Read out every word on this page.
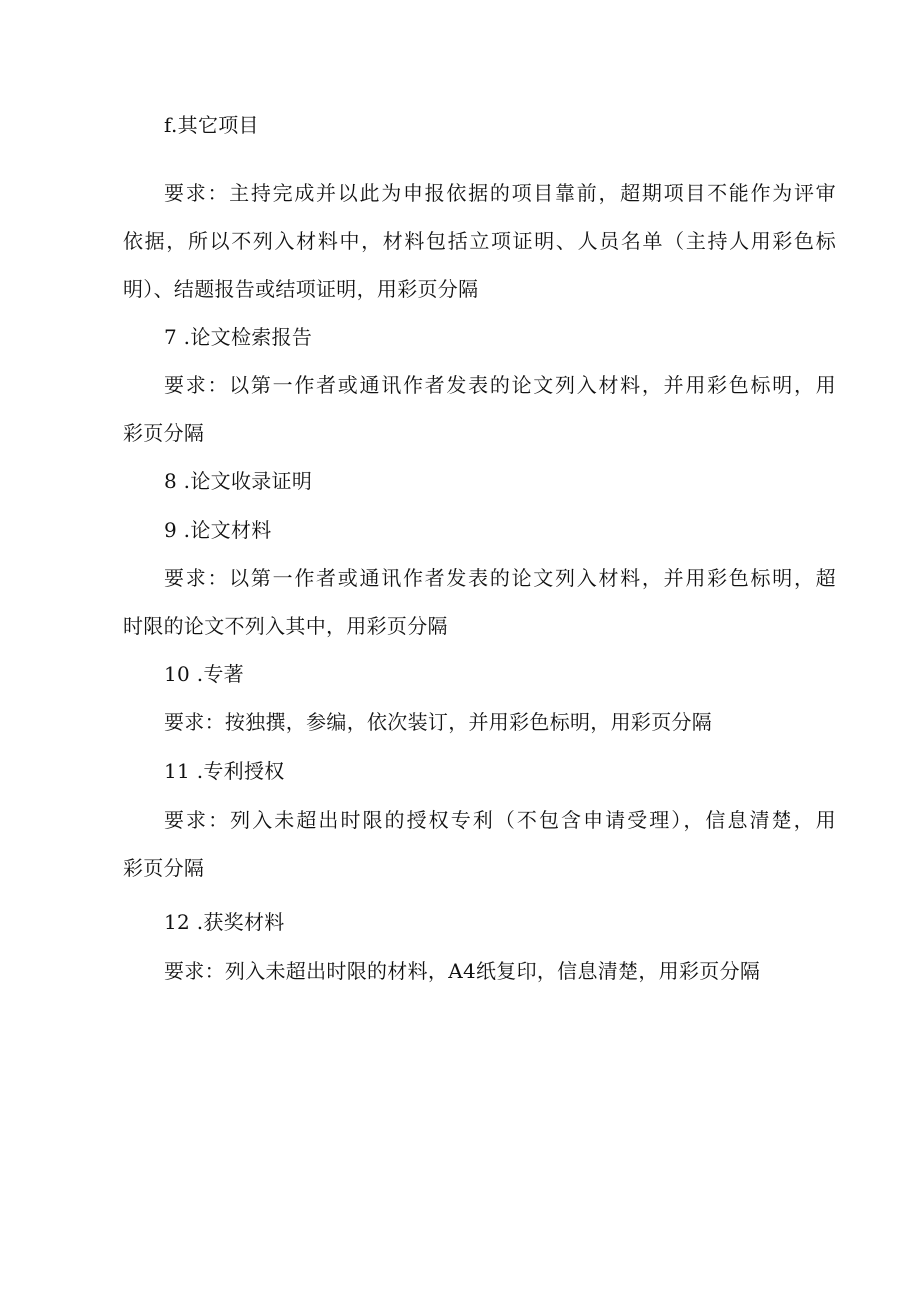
f.其它项目
要求：主持完成并以此为申报依据的项目靠前，超期项目不能作为评审
依据，所以不列入材料中，材料包括立项证明、人员名单（主持人用彩色标
明）、结题报告或结项证明，用彩页分隔
7 .论文检索报告
要求：以第一作者或通讯作者发表的论文列入材料，并用彩色标明，用
彩页分隔
8 .论文收录证明
9 .论文材料
要求：以第一作者或通讯作者发表的论文列入材料，并用彩色标明，超
时限的论文不列入其中，用彩页分隔
10 .专著
要求：按独撰，参编，依次装订，并用彩色标明，用彩页分隔
11 .专利授权
要求：列入未超出时限的授权专利（不包含申请受理），信息清楚，用
彩页分隔
12 .获奖材料
要求：列入未超出时限的材料，A4纸复印，信息清楚，用彩页分隔
